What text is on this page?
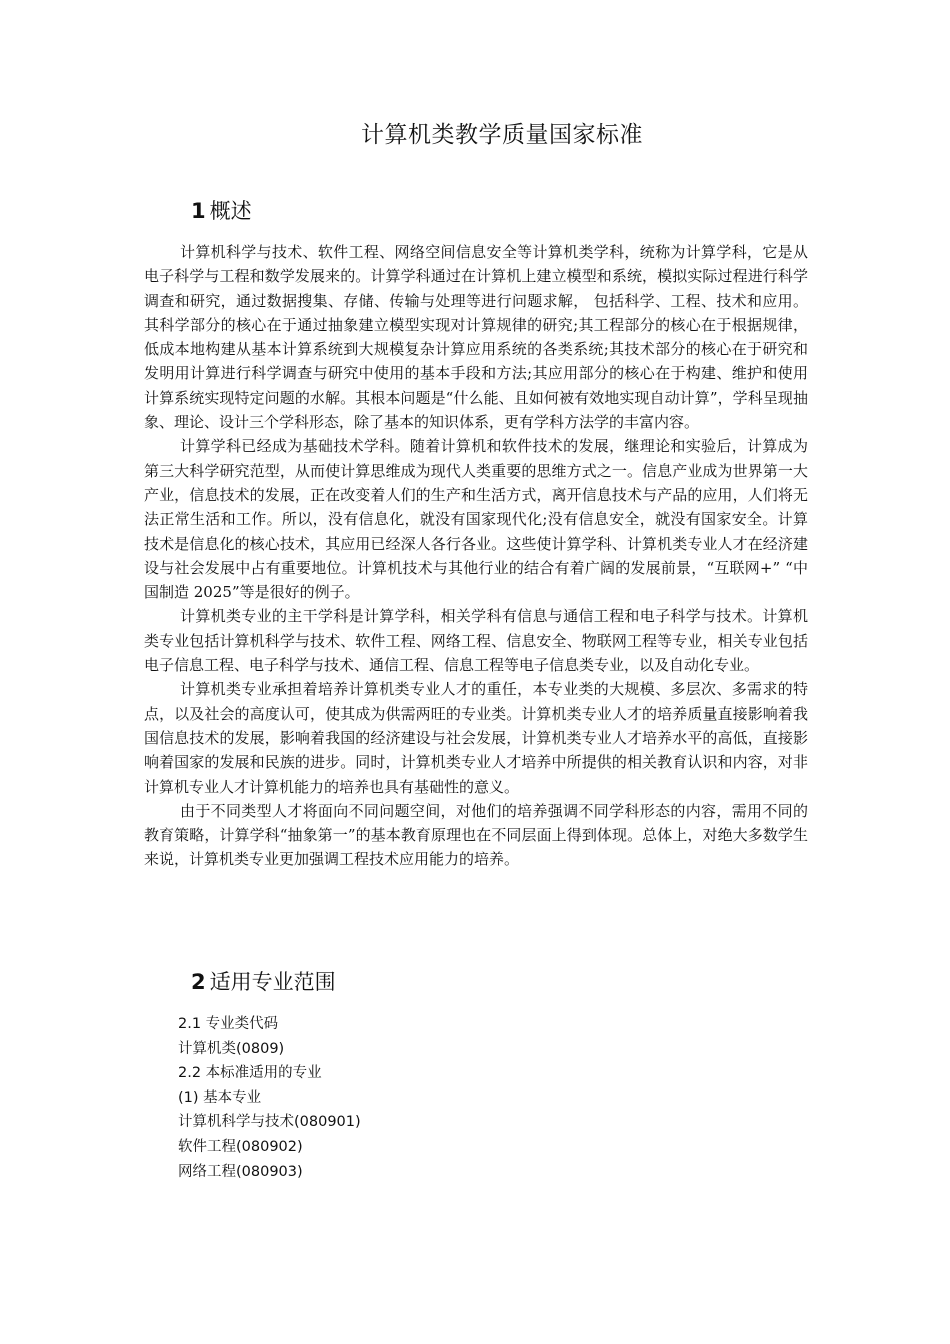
计算机类教学质量国家标准
1 概述

计算机科学与技术、软件工程、网络空间信息安全等计算机类学科，统称为计算学科，它是从电子科学与工程和数学发展来的。计算学科通过在计算机上建立模型和系统，模拟实际过程进行科学调查和研究，通过数据搜集、存储、传输与处理等进行问题求解， 包括科学、工程、技术和应用。其科学部分的核心在于通过抽象建立模型实现对计算规律的研究;其工程部分的核心在于根据规律，低成本地构建从基本计算系统到大规模复杂计算应用系统的各类系统;其技术部分的核心在于研究和发明用计算进行科学调查与研究中使用的基本手段和方法;其应用部分的核心在于构建、维护和使用计算系统实现特定问题的水解。其根本问题是“什么能、且如何被有效地实现自动计算”，学科呈现抽象、理论、设计三个学科形态，除了基本的知识体系，更有学科方法学的丰富内容。

计算学科已经成为基础技术学科。随着计算机和软件技术的发展，继理论和实验后，计算成为第三大科学研究范型，从而使计算思维成为现代人类重要的思维方式之一。信息产业成为世界第一大产业，信息技术的发展，正在改变着人们的生产和生活方式，离开信息技术与产品的应用，人们将无法正常生活和工作。所以，没有信息化，就没有国家现代化;没有信息安全，就没有国家安全。计算技术是信息化的核心技术，其应用已经深人各行各业。这些使计算学科、计算机类专业人才在经济建设与社会发展中占有重要地位。计算机技术与其他行业的结合有着广阔的发展前景，“互联网+” “中国制造 2025”等是很好的例子。

计算机类专业的主干学科是计算学科，相关学科有信息与通信工程和电子科学与技术。计算机类专业包括计算机科学与技术、软件工程、网络工程、信息安全、物联网工程等专业，相关专业包括电子信息工程、电子科学与技术、通信工程、信息工程等电子信息类专业，以及自动化专业。

计算机类专业承担着培养计算机类专业人才的重任，本专业类的大规模、多层次、多需求的特点，以及社会的高度认可，使其成为供需两旺的专业类。计算机类专业人才的培养质量直接影响着我国信息技术的发展，影响着我国的经济建设与社会发展，计算机类专业人才培养水平的高低，直接影响着国家的发展和民族的进步。同时，计算机类专业人才培养中所提供的相关教育认识和内容，对非计算机专业人才计算机能力的培养也具有基础性的意义。

由于不同类型人才将面向不同问题空间，对他们的培养强调不同学科形态的内容，需用不同的教育策略，计算学科“抽象第一”的基本教育原理也在不同层面上得到体现。总体上，对绝大多数学生来说，计算机类专业更加强调工程技术应用能力的培养。

2 适用专业范围
2.1 专业类代码
计算机类(0809)
2.2 本标准适用的专业
(1) 基本专业
计算机科学与技术(080901)
软件工程(080902)
网络工程(080903)
